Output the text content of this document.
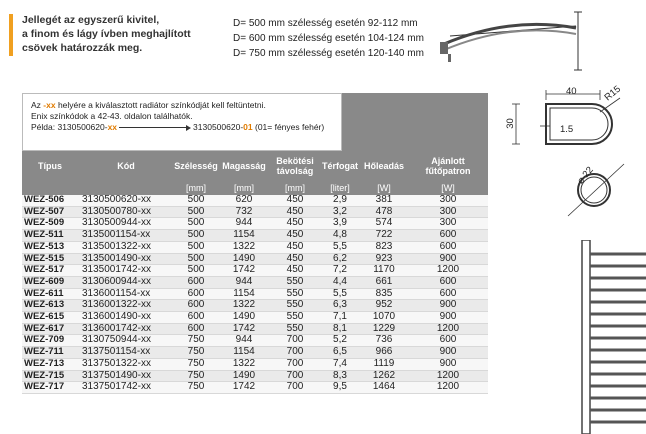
Jellegét az egyszerű kivitel,
a finom és lágy ívben meghajlított
csövek határozzák meg.
D= 500 mm szélesség esetén 92-112 mm
D= 600 mm szélesség esetén 104-124 mm
D= 750 mm szélesség esetén 120-140 mm
40	R15
30
1.5
⌀ 22

Típus	Kód	Szélesség	Magasság	Bekötési távolság	Térfogat	Hőleadás	Ajánlott fűtőpatron
		[mm]	[mm]	[mm]	[liter]	[W]	[W]
WEZ-506	3130500620-xx	500	620	450	2,9	381	300
WEZ-507	3130500780-xx	500	732	450	3,2	478	300
WEZ-509	3130500944-xx	500	944	450	3,9	574	300
WEZ-511	3135001154-xx	500	1154	450	4,8	722	600
WEZ-513	3135001322-xx	500	1322	450	5,5	823	600
WEZ-515	3135001490-xx	500	1490	450	6,2	923	900
WEZ-517	3135001742-xx	500	1742	450	7,2	1170	1200
WEZ-609	3130600944-xx	600	944	550	4,4	661	600
WEZ-611	3136001154-xx	600	1154	550	5,5	835	600
WEZ-613	3136001322-xx	600	1322	550	6,3	952	900
WEZ-615	3136001490-xx	600	1490	550	7,1	1070	900
WEZ-617	3136001742-xx	600	1742	550	8,1	1229	1200
WEZ-709	3130750944-xx	750	944	700	5,2	736	600
WEZ-711	3137501154-xx	750	1154	700	6,5	966	900
WEZ-713	3137501322-xx	750	1322	700	7,4	1119	900
WEZ-715	3137501490-xx	750	1490	700	8,3	1262	1200
WEZ-717	3137501742-xx	750	1742	700	9,5	1464	1200
Az -xx helyére a kiválasztott radiátor színkódját kell feltüntetni.
Enix színkódok a 42-43. oldalon találhatók.
Példa: 3130500620-xx	3130500620-01 (01= fényes fehér)
